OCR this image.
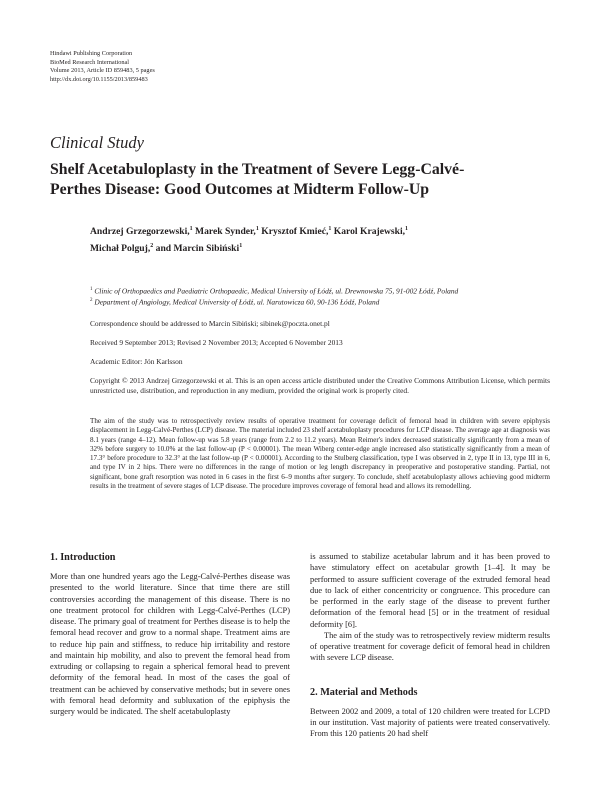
Hindawi Publishing Corporation
BioMed Research International
Volume 2013, Article ID 859483, 5 pages
http://dx.doi.org/10.1155/2013/859483
Clinical Study
Shelf Acetabuloplasty in the Treatment of Severe Legg-Calvé-Perthes Disease: Good Outcomes at Midterm Follow-Up
Andrzej Grzegorzewski,$^1$ Marek Synder,$^1$ Krysztof Kmieć,$^1$ Karol Krajewski,$^1$
Michał Polguj,$^2$ and Marcin Sibiński$^1$
$^1$ Clinic of Orthopaedics and Paediatric Orthopaedic, Medical University of Łódź, ul. Drewnowska 75, 91-002 Łódź, Poland
$^2$ Department of Angiology, Medical University of Łódź, ul. Narutowicza 60, 90-136 Łódź, Poland
Correspondence should be addressed to Marcin Sibiński; sibinek@poczta.onet.pl
Received 9 September 2013; Revised 2 November 2013; Accepted 6 November 2013
Academic Editor: Jón Karlsson
Copyright © 2013 Andrzej Grzegorzewski et al. This is an open access article distributed under the Creative Commons Attribution License, which permits unrestricted use, distribution, and reproduction in any medium, provided the original work is properly cited.
The aim of the study was to retrospectively review results of operative treatment for coverage deficit of femoral head in children with severe epiphysis displacement in Legg-Calvé-Perthes (LCP) disease. The material included 23 shelf acetabuloplasty procedures for LCP disease. The average age at diagnosis was 8.1 years (range 4–12). Mean follow-up was 5.8 years (range from 2.2 to 11.2 years). Mean Reimer's index decreased statistically significantly from a mean of 32% before surgery to 10.0% at the last follow-up (P < 0.00001). The mean Wiberg center-edge angle increased also statistically significantly from a mean of 17.3° before procedure to 32.3° at the last follow-up (P < 0.00001). According to the Stulberg classification, type I was observed in 2, type II in 13, type III in 6, and type IV in 2 hips. There were no differences in the range of motion or leg length discrepancy in preoperative and postoperative standing. Partial, not significant, bone graft resorption was noted in 6 cases in the first 6–9 months after surgery. To conclude, shelf acetabuloplasty allows achieving good midterm results in the treatment of severe stages of LCP disease. The procedure improves coverage of femoral head and allows its remodelling.
1. Introduction

More than one hundred years ago the Legg-Calvé-Perthes disease was presented to the world literature. Since that time there are still controversies according the management of this disease. There is no one treatment protocol for children with Legg-Calvé-Perthes (LCP) disease. The primary goal of treatment for Perthes disease is to help the femoral head recover and grow to a normal shape. Treatment aims are to reduce hip pain and stiffness, to reduce hip irritability and restore and maintain hip mobility, and also to prevent the femoral head from extruding or collapsing to regain a spherical femoral head to prevent deformity of the femoral head. In most of the cases the goal of treatment can be achieved by conservative methods; but in severe ones with femoral head deformity and subluxation of the epiphysis the surgery would be indicated. The shelf acetabuloplasty

is assumed to stabilize acetabular labrum and it has been proved to have stimulatory effect on acetabular growth [1–4]. It may be performed to assure sufficient coverage of the extruded femoral head due to lack of either concentricity or congruence. This procedure can be performed in the early stage of the disease to prevent further deformation of the femoral head [5] or in the treatment of residual deformity [6].

The aim of the study was to retrospectively review midterm results of operative treatment for coverage deficit of femoral head in children with severe LCP disease.

2. Material and Methods

Between 2002 and 2009, a total of 120 children were treated for LCPD in our institution. Vast majority of patients were treated conservatively. From this 120 patients 20 had shelf
